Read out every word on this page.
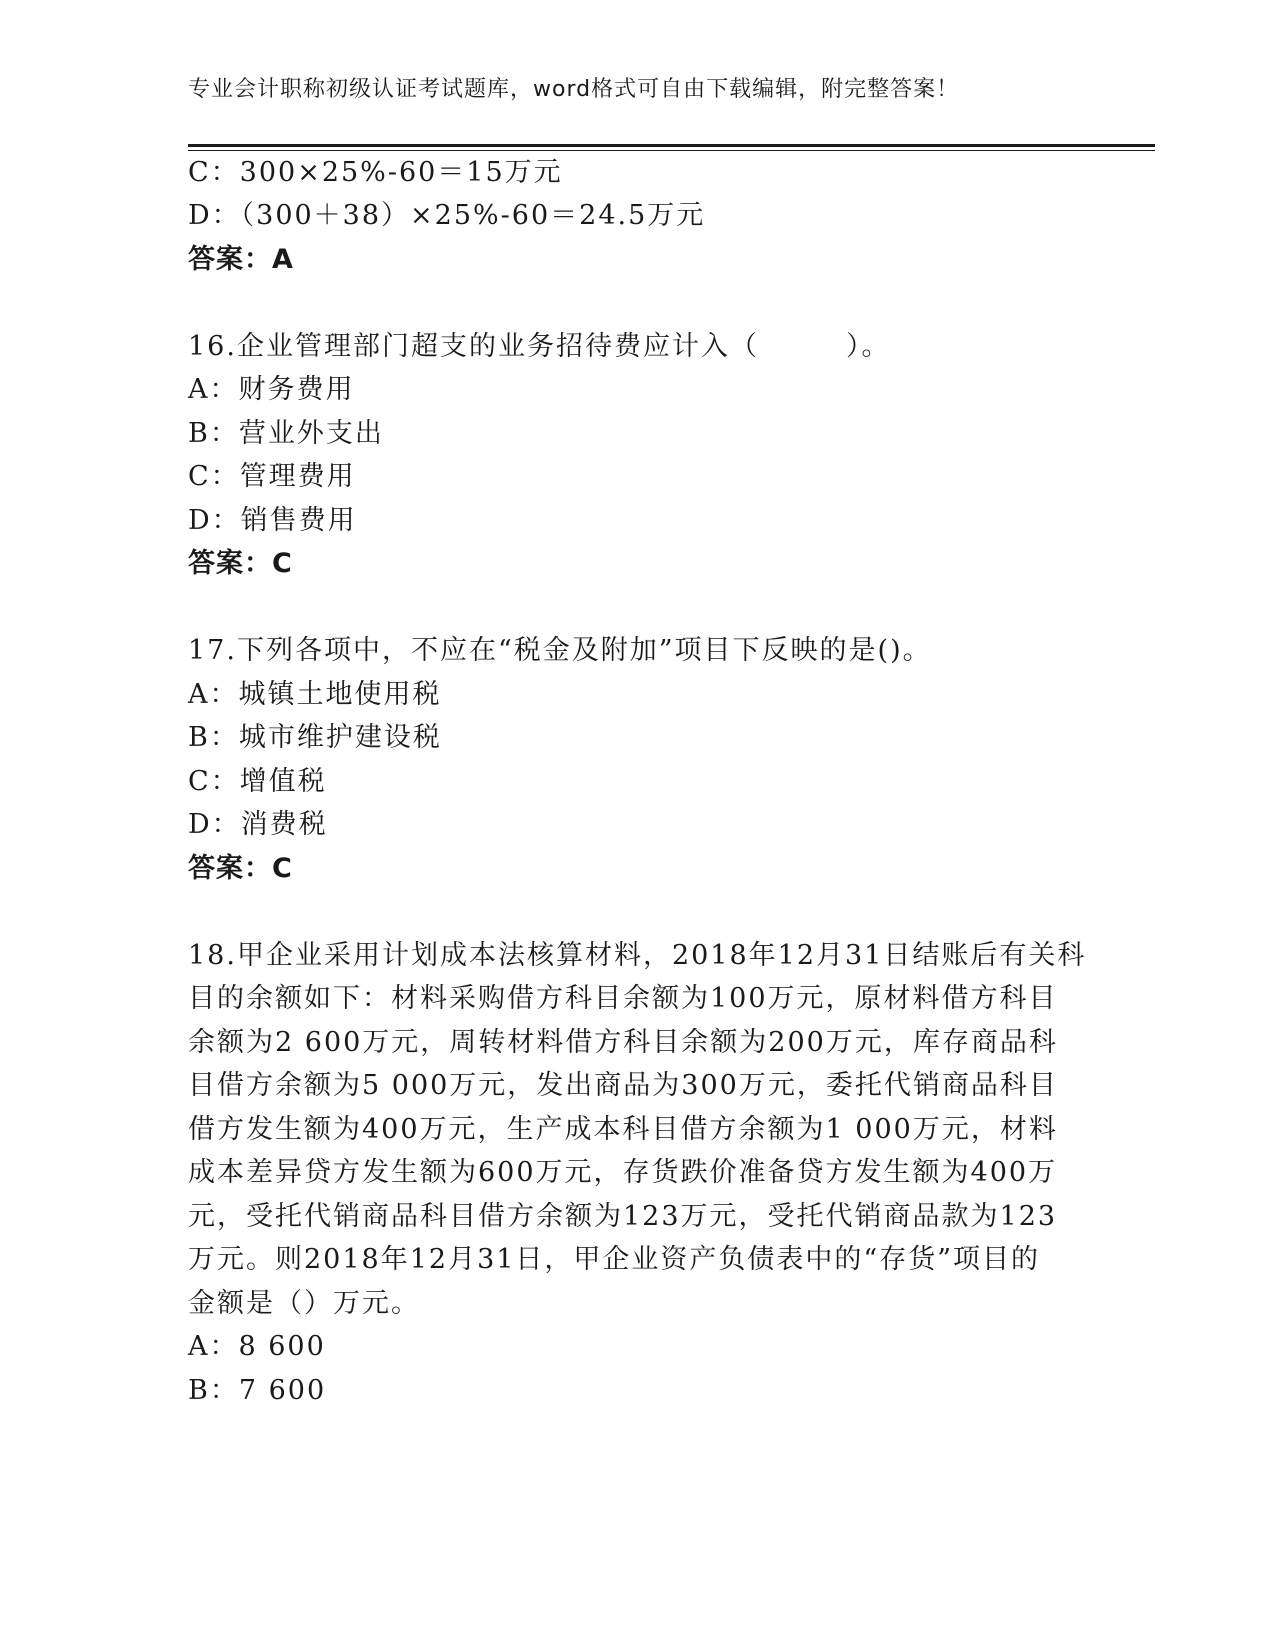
专业会计职称初级认证考试题库，word格式可自由下载编辑，附完整答案！
C：300×25%-60＝15万元
D：（300＋38）×25%-60＝24.5万元
答案：A
16.企业管理部门超支的业务招待费应计入（　　　）。
A：财务费用
B：营业外支出
C：管理费用
D：销售费用
答案：C
17.下列各项中，不应在“税金及附加”项目下反映的是()。
A：城镇土地使用税
B：城市维护建设税
C：增值税
D：消费税
答案：C
18.甲企业采用计划成本法核算材料，2018年12月31日结账后有关科
目的余额如下：材料采购借方科目余额为100万元，原材料借方科目
余额为2 600万元，周转材料借方科目余额为200万元，库存商品科
目借方余额为5 000万元，发出商品为300万元，委托代销商品科目
借方发生额为400万元，生产成本科目借方余额为1 000万元，材料
成本差异贷方发生额为600万元，存货跌价准备贷方发生额为400万
元，受托代销商品科目借方余额为123万元，受托代销商品款为123
万元。则2018年12月31日，甲企业资产负债表中的“存货”项目的
金额是（）万元。
A：8 600
B：7 600
